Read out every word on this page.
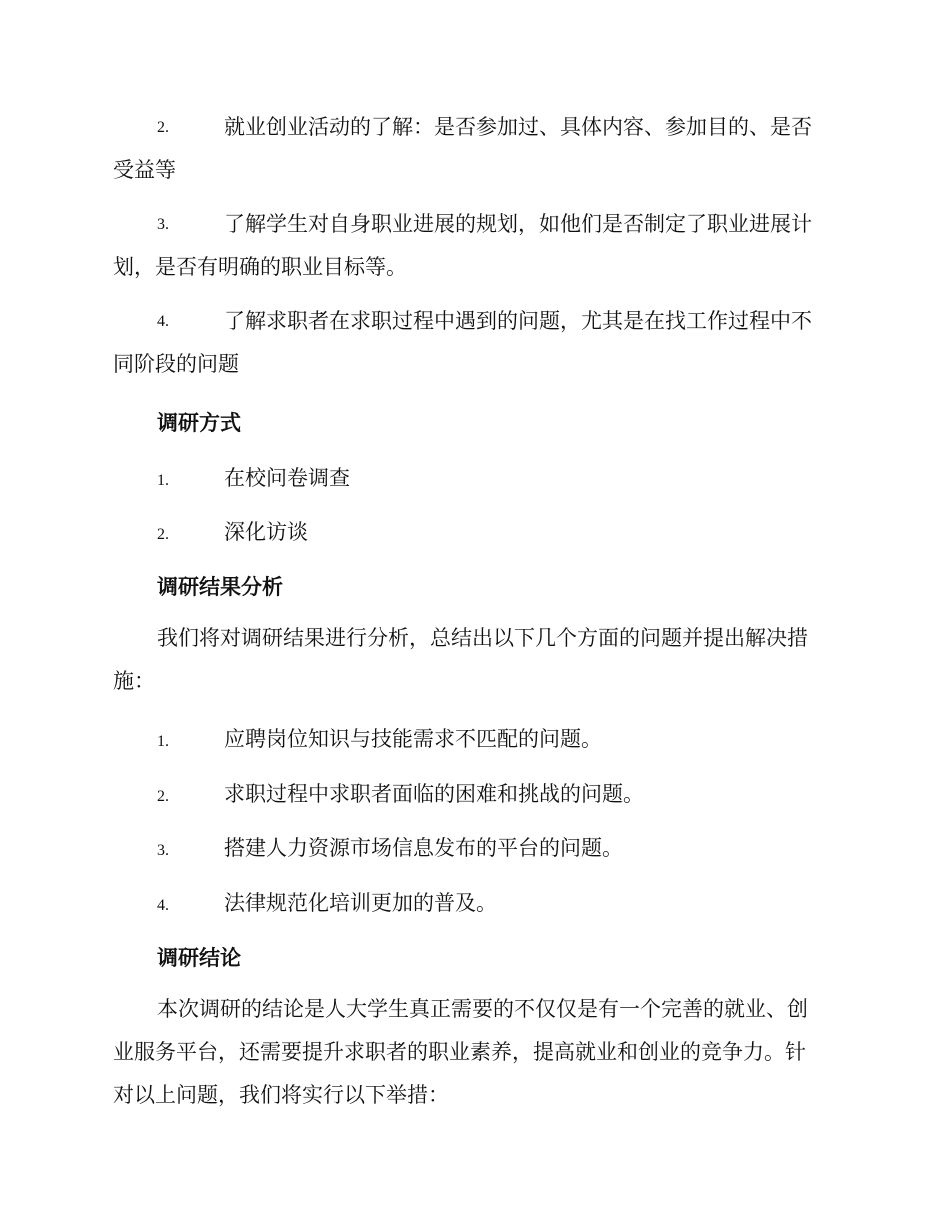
2.	就业创业活动的了解：是否参加过、具体内容、参加目的、是否
受益等
3.	了解学生对自身职业进展的规划，如他们是否制定了职业进展计
划，是否有明确的职业目标等。
4.	了解求职者在求职过程中遇到的问题，尤其是在找工作过程中不
同阶段的问题
调研方式
1.	在校问卷调查
2.	深化访谈
调研结果分析
我们将对调研结果进行分析，总结出以下几个方面的问题并提出解决措
施：
1.	应聘岗位知识与技能需求不匹配的问题。
2.	求职过程中求职者面临的困难和挑战的问题。
3.	搭建人力资源市场信息发布的平台的问题。
4.	法律规范化培训更加的普及。
调研结论
本次调研的结论是人大学生真正需要的不仅仅是有一个完善的就业、创
业服务平台，还需要提升求职者的职业素养，提高就业和创业的竞争力。针
对以上问题，我们将实行以下举措：
